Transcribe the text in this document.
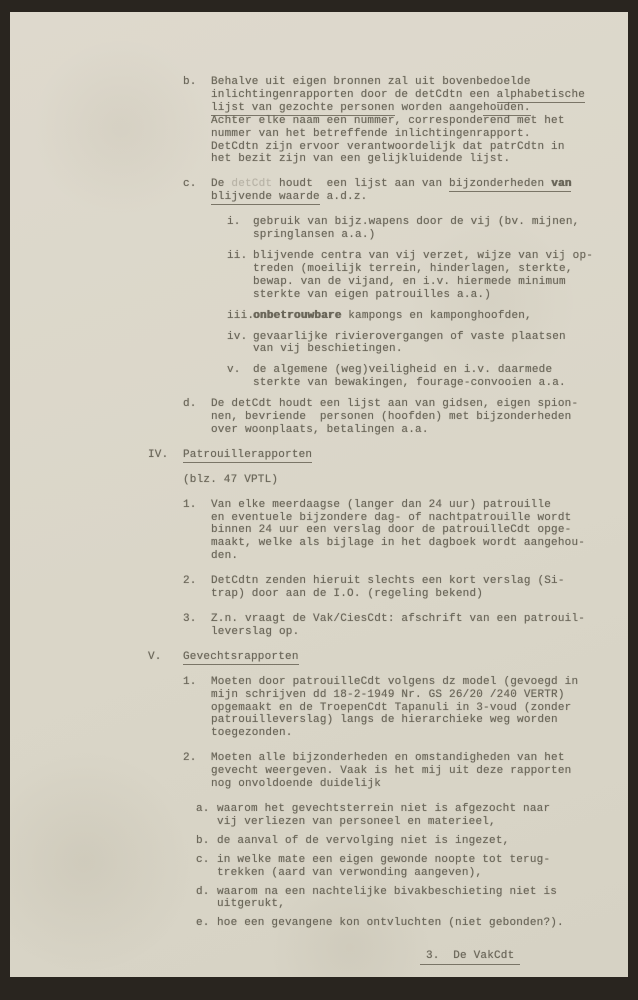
b.	Behalve uit eigen bronnen zal uit bovenbedoelde
inlichtingenrapporten door de detCdtn een alphabetische
lijst van gezochte personen worden aangehouden.
Achter elke naam een nummer, corresponderend met het
nummer van het betreffende inlichtingenrapport.
DetCdtn zijn ervoor verantwoordelijk dat patrCdtn in
het bezit zijn van een gelijkluidende lijst.
c.	De detCdt houdt  een lijst aan van bijzonderheden van
blijvende waarde a.d.z.
i.	gebruik van bijz.wapens door de vij (bv. mijnen,
springlansen a.a.)
ii. blijvende centra van vij verzet, wijze van vij op-
treden (moeilijk terrein, hinderlagen, sterkte,
bewap. van de vijand, en i.v. hiermede minimum
sterkte van eigen patrouilles a.a.)
iii.
onbetrouwbare kampongs en kamponghoofden,
iv. gevaarlijke rivierovergangen of vaste plaatsen
van vij beschietingen.
v.	de algemene (weg)veiligheid en i.v. daarmede
sterkte van bewakingen, fourage-convooien a.a.
d.	De detCdt houdt een lijst aan van gidsen, eigen spion-
nen, bevriende  personen (hoofden) met bijzonderheden
over woonplaats, betalingen a.a.
IV.	Patrouillerapporten
(blz. 47 VPTL)
1.	Van elke meerdaagse (langer dan 24 uur) patrouille
en eventuele bijzondere dag- of nachtpatrouille wordt
binnen 24 uur een verslag door de patrouilleCdt opge-
maakt, welke als bijlage in het dagboek wordt aangehou-
den.
2.	DetCdtn zenden hieruit slechts een kort verslag (Si-
trap) door aan de I.O. (regeling bekend)
3.	Z.n. vraagt de Vak/CiesCdt: afschrift van een patrouil-
leverslag op.
V.	Gevechtsrapporten
1.	Moeten door patrouilleCdt volgens dz model (gevoegd in
mijn schrijven dd 18-2-1949 Nr. GS 26/20 /240 VERTR)
opgemaakt en de TroepenCdt Tapanuli in 3-voud (zonder
patrouilleverslag) langs de hierarchieke weg worden
toegezonden.
2.	Moeten alle bijzonderheden en omstandigheden van het
gevecht weergeven. Vaak is het mij uit deze rapporten
nog onvoldoende duidelijk
a. waarom het gevechtsterrein niet is afgezocht naar
vij verliezen van personeel en materieel,
b. de aanval of de vervolging niet is ingezet,
c. in welke mate een eigen gewonde noopte tot terug-
trekken (aard van verwonding aangeven),
d. waarom na een nachtelijke bivakbeschieting niet is
uitgerukt,
e. hoe een gevangene kon ontvluchten (niet gebonden?).
3.  De VakCdt
